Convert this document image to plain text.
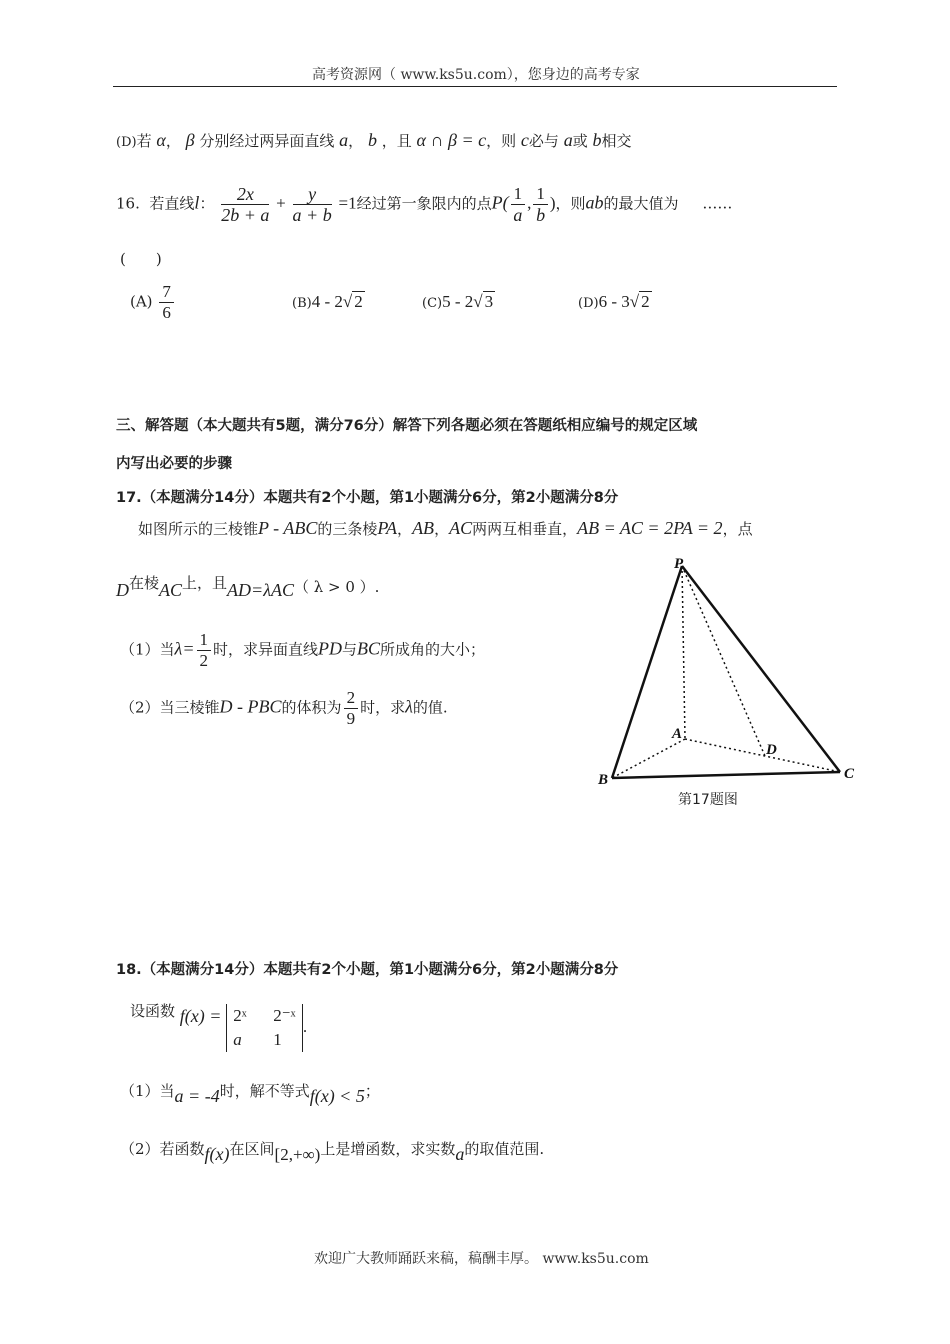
高考资源网（ www.ks5u.com），您身边的高考专家
(D)若 α， β 分别经过两异面直线 a， b ，且 α ∩ β = c，则 c必与 a或 b相交
16. 若直线l： $\frac{2x}{2b + a} + \frac{y}{a + b} =1$经过第一象限内的点$P( \frac{1}{a}$ , $\frac{1}{b}$ )，则ab的最大值为 ……
(　　)
$(A) \frac{7}{6}$	(B)4 - 2√ 2	(C)5 - 2√ 3	(D)6 - 3√ 2
三、解答题（本大题共有5题，满分76分）解答下列各题必须在答题纸相应编号的规定区域
内写出必要的步骤
17.（本题满分14分）本题共有2个小题，第1小题满分6分，第2小题满分8分
如图所示的三棱锥P - ABC的三条棱PA，AB，AC两两互相垂直，AB = AC = 2PA = 2，点
D在棱AC上，且AD=λAC（ λ > 0 ）.
（1）当$\lambda= \frac{1}{2}$ 时，求异面直线PD与BC所成角的大小；
（2）当三棱锥D - PBC的体积为 $\frac{2}{9}$ 时，求λ的值.
P
A
D
B	C
第17题图
18.（本题满分14分）本题共有2个小题，第1小题满分6分，第2小题满分8分
设函数 f(x) = 2ˣ 2⁻ˣ
a 1
.
（1）当a = -4时，解不等式f(x) < 5；
（2）若函数f(x)在区间[2,+∞)上是增函数，求实数a的取值范围.
欢迎广大教师踊跃来稿，稿酬丰厚。 www.ks5u.com
